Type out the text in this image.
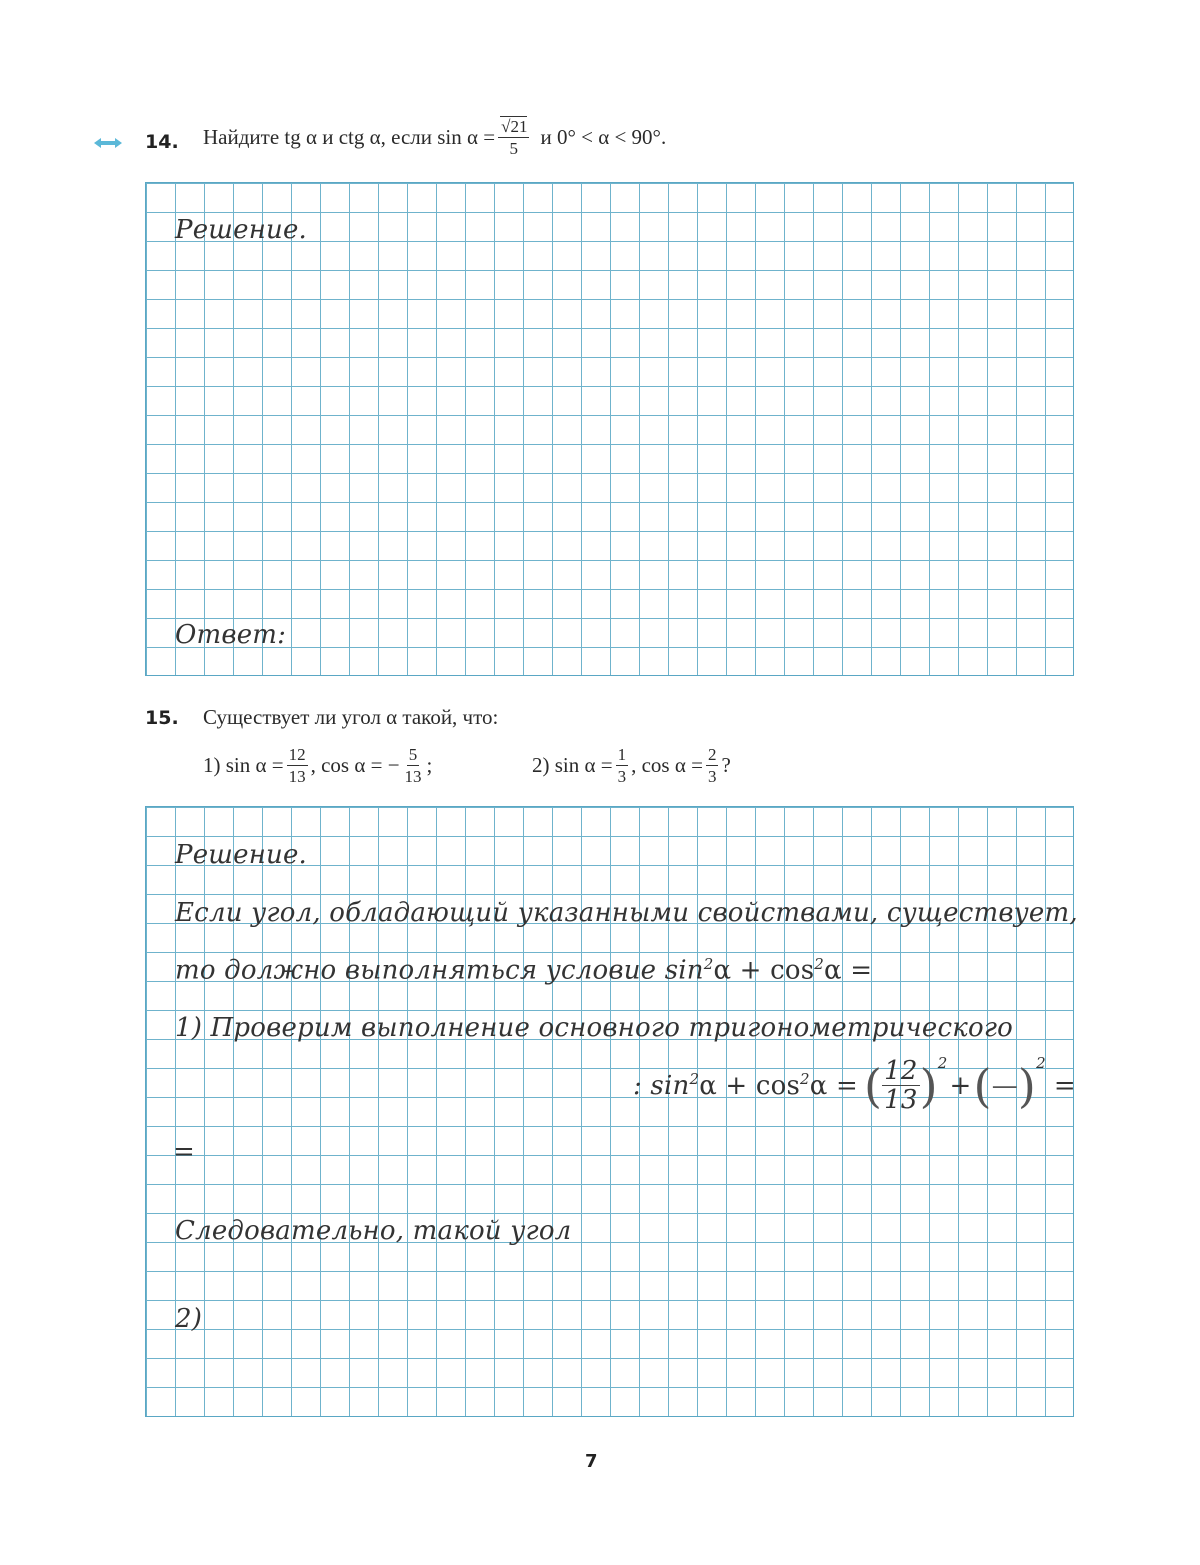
14. Найдите tg α и ctg α, если $\sin \alpha = \frac{√21}{5}$ и 0° < α < 90°.
Решение.
Ответ:
15. Существует ли угол α такой, что:
1) $\sin \alpha = \frac{12}{13}$ , cos α = − $\frac{5}{13}$ ;	2) $\sin \alpha = \frac{1}{3}$ , $\cos \alpha = \frac{2}{3}$ ?
Решение.
Если угол, обладающий указанными свойствами, существует,
то должно выполняться условие $\sin^2\alpha + \cos^2\alpha$ =
1) Проверим выполнение основного тригонометрического
: $\sin^2 \alpha + \cos^2 \alpha$ = ( $\frac{12}{13} )^2$
+ ( — )$^2$
=
=
Следовательно, такой угол
2)
7
